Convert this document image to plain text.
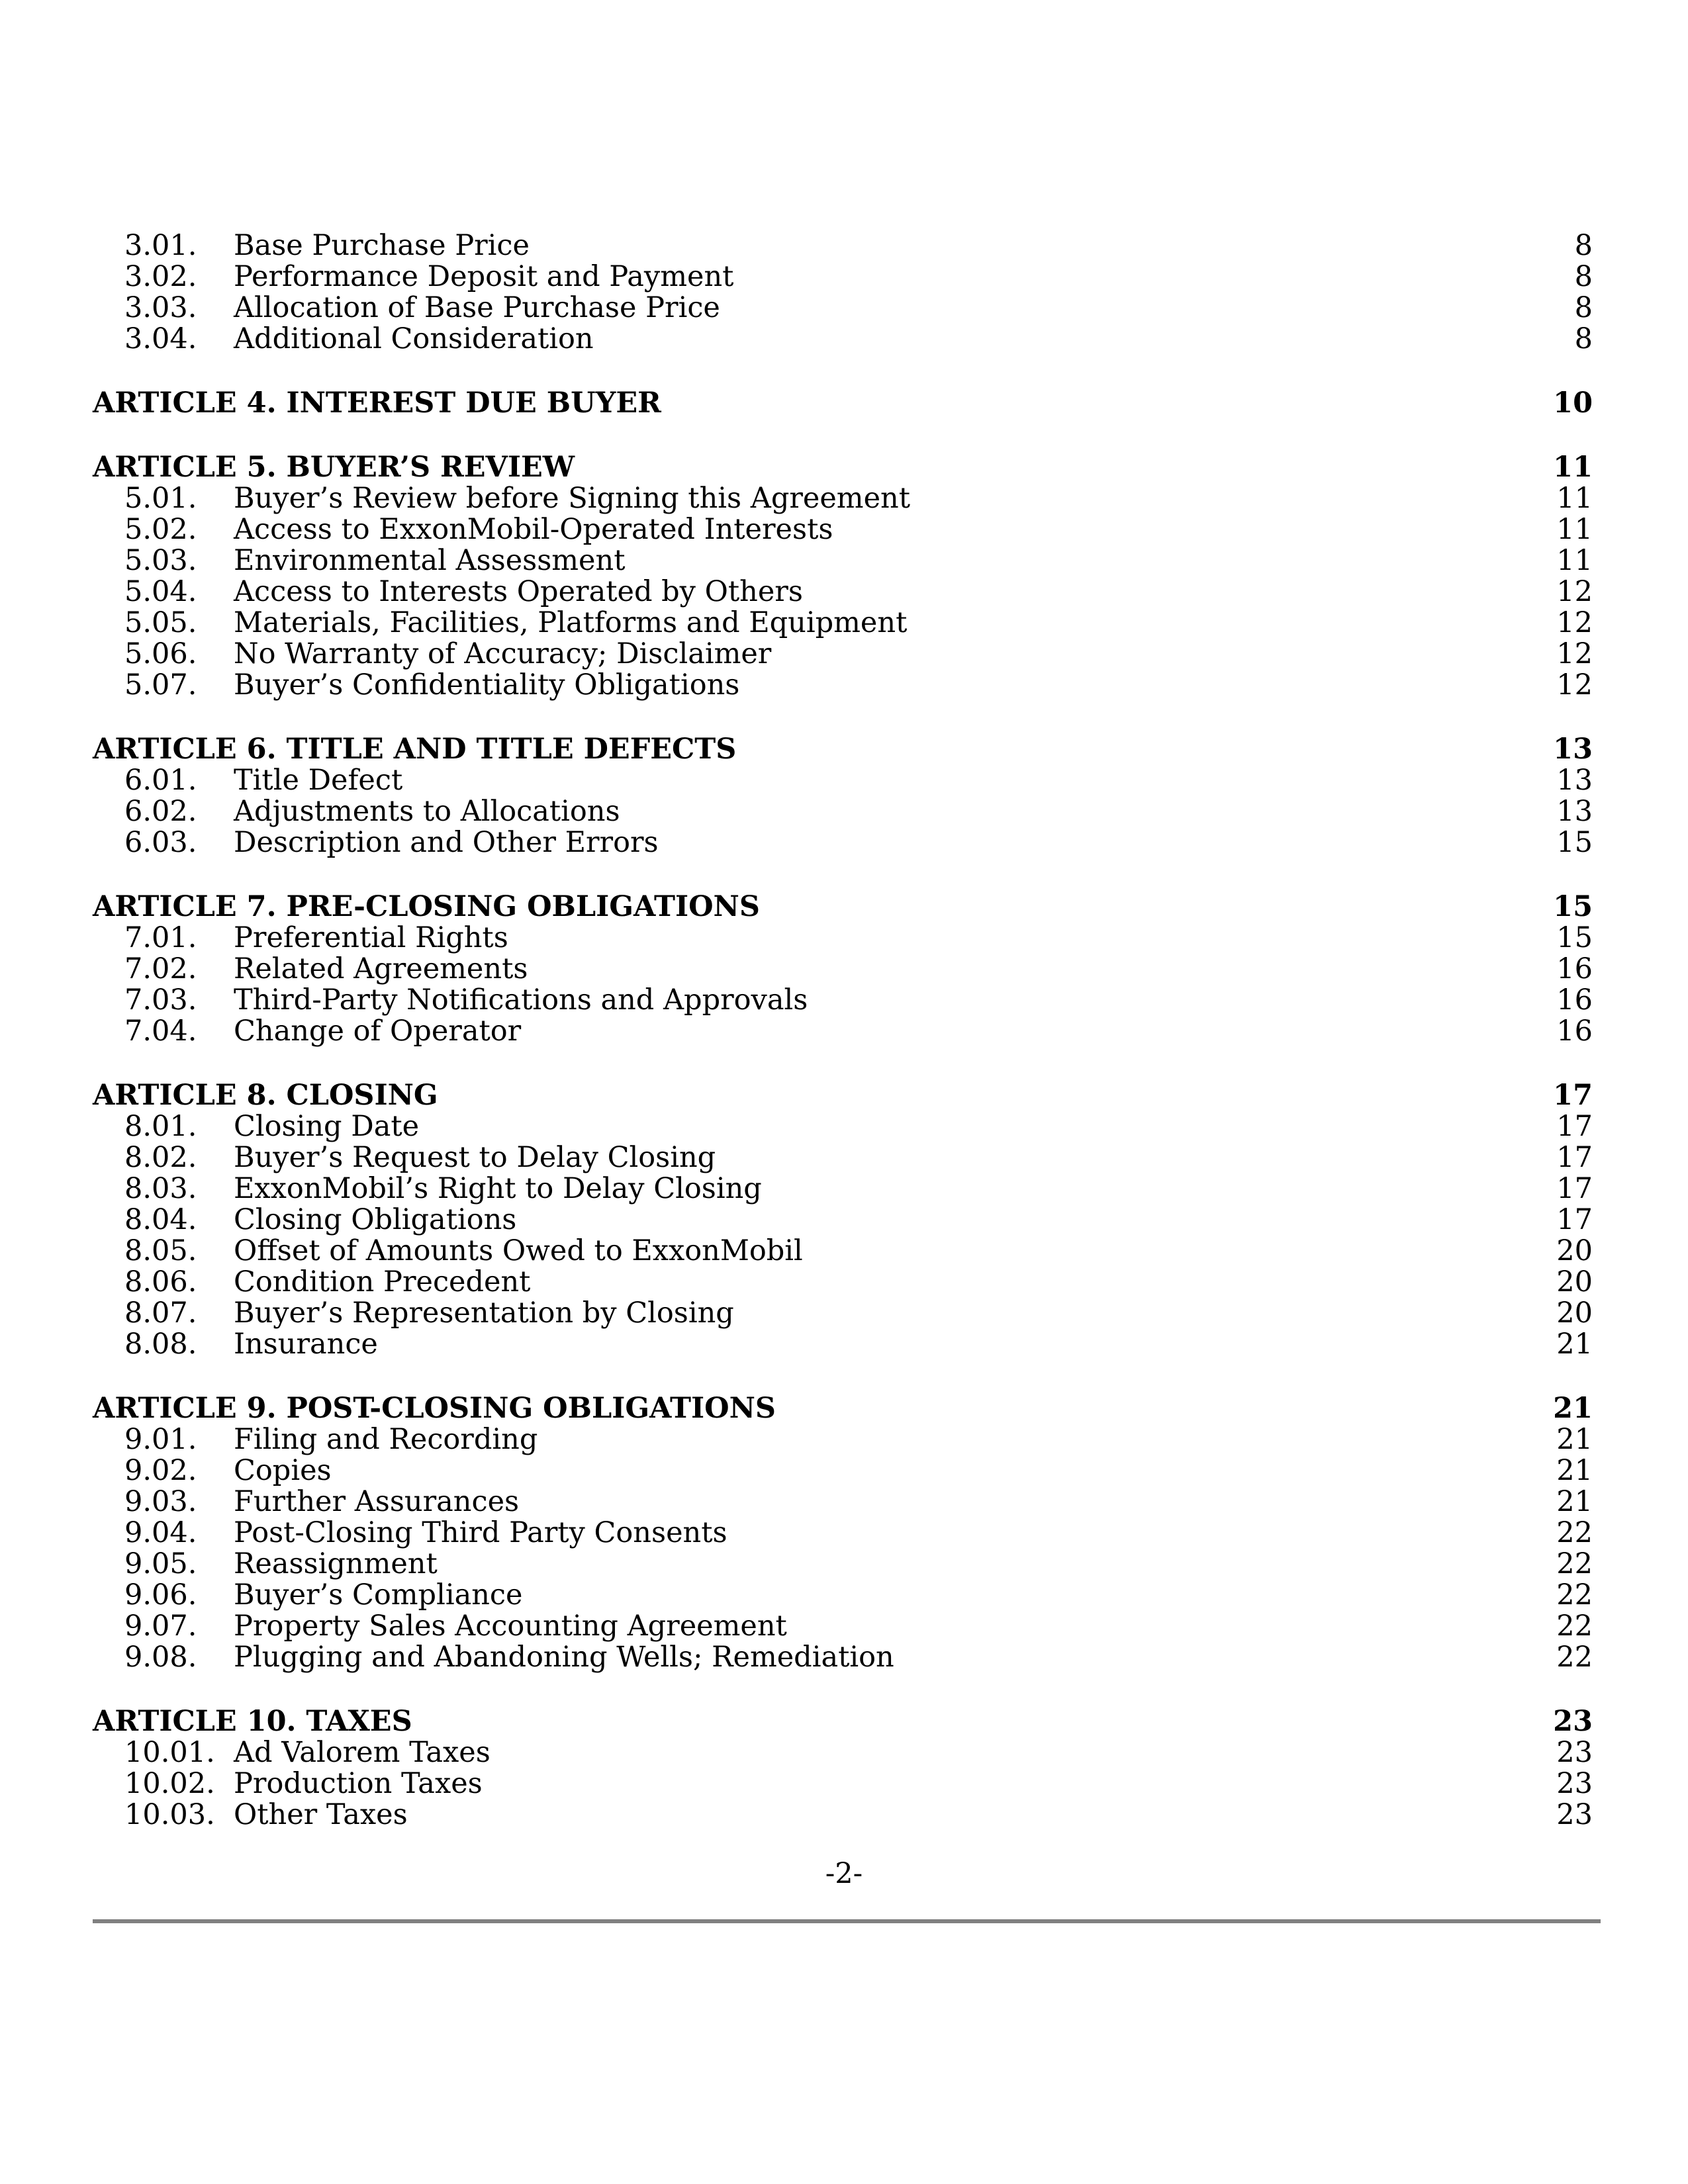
3.01. Base Purchase Price	8
3.02. Performance Deposit and Payment	8
3.03. Allocation of Base Purchase Price	8
3.04. Additional Consideration	8
ARTICLE 4. INTEREST DUE BUYER	10
ARTICLE 5. BUYER’S REVIEW	11
5.01. Buyer’s Review before Signing this Agreement	11
5.02. Access to ExxonMobil-Operated Interests	11
5.03. Environmental Assessment	11
5.04. Access to Interests Operated by Others	12
5.05. Materials, Facilities, Platforms and Equipment	12
5.06. No Warranty of Accuracy; Disclaimer	12
5.07. Buyer’s Confidentiality Obligations	12
ARTICLE 6. TITLE AND TITLE DEFECTS	13
6.01. Title Defect	13
6.02. Adjustments to Allocations	13
6.03. Description and Other Errors	15
ARTICLE 7. PRE-CLOSING OBLIGATIONS	15
7.01. Preferential Rights	15
7.02. Related Agreements	16
7.03. Third-Party Notifications and Approvals	16
7.04. Change of Operator	16
ARTICLE 8. CLOSING	17
8.01. Closing Date	17
8.02. Buyer’s Request to Delay Closing	17
8.03. ExxonMobil’s Right to Delay Closing	17
8.04. Closing Obligations	17
8.05. Offset of Amounts Owed to ExxonMobil	20
8.06. Condition Precedent	20
8.07. Buyer’s Representation by Closing	20
8.08. Insurance	21
ARTICLE 9. POST-CLOSING OBLIGATIONS	21
9.01. Filing and Recording	21
9.02. Copies	21
9.03. Further Assurances	21
9.04. Post-Closing Third Party Consents	22
9.05. Reassignment	22
9.06. Buyer’s Compliance	22
9.07. Property Sales Accounting Agreement	22
9.08. Plugging and Abandoning Wells; Remediation	22
ARTICLE 10. TAXES	23
10.01. Ad Valorem Taxes	23
10.02. Production Taxes	23
10.03. Other Taxes	23
-2-
